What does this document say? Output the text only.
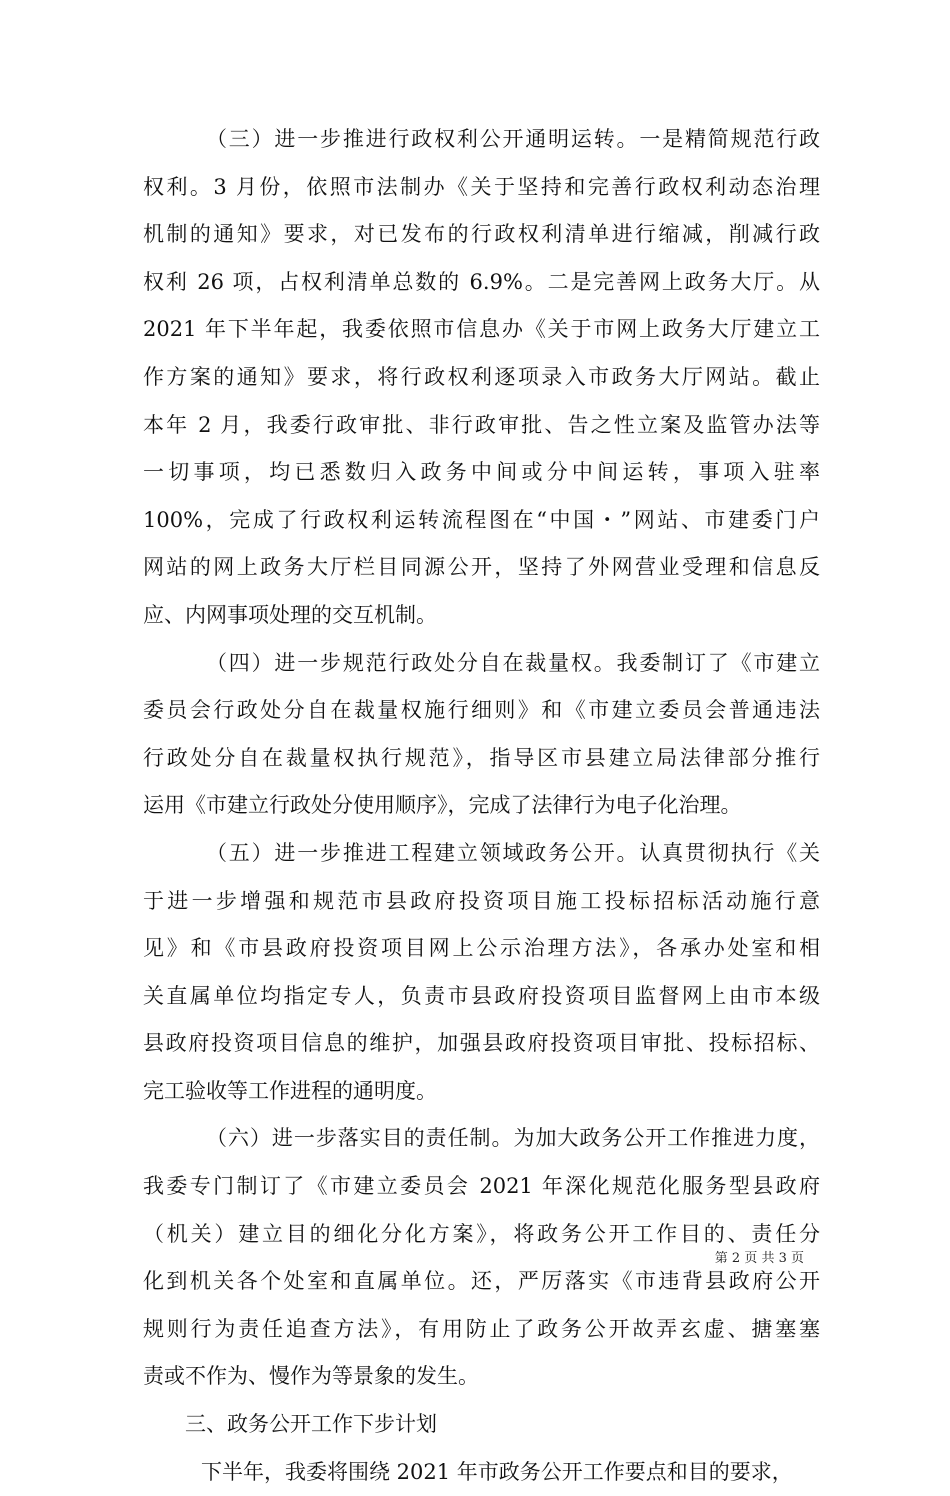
（三）进一步推进行政权利公开通明运转。一是精简规范行政
权利。3 月份，依照市法制办《关于坚持和完善行政权利动态治理
机制的通知》要求，对已发布的行政权利清单进行缩减，削减行政
权利 26 项，占权利清单总数的 6.9%。二是完善网上政务大厅。从
2021 年下半年起，我委依照市信息办《关于市网上政务大厅建立工
作方案的通知》要求，将行政权利逐项录入市政务大厅网站。截止
本年 2 月，我委行政审批、非行政审批、告之性立案及监管办法等
一切事项，均已悉数归入政务中间或分中间运转，事项入驻率
100%，完成了行政权利运转流程图在“中国・”网站、市建委门户
网站的网上政务大厅栏目同源公开，坚持了外网营业受理和信息反
应、内网事项处理的交互机制。
（四）进一步规范行政处分自在裁量权。我委制订了《市建立
委员会行政处分自在裁量权施行细则》和《市建立委员会普通违法
行政处分自在裁量权执行规范》，指导区市县建立局法律部分推行
运用《市建立行政处分使用顺序》，完成了法律行为电子化治理。
（五）进一步推进工程建立领域政务公开。认真贯彻执行《关
于进一步增强和规范市县政府投资项目施工投标招标活动施行意
见》和《市县政府投资项目网上公示治理方法》，各承办处室和相
关直属单位均指定专人，负责市县政府投资项目监督网上由市本级
县政府投资项目信息的维护，加强县政府投资项目审批、投标招标、
完工验收等工作进程的通明度。
（六）进一步落实目的责任制。为加大政务公开工作推进力度，
我委专门制订了《市建立委员会 2021 年深化规范化服务型县政府
（机关）建立目的细化分化方案》，将政务公开工作目的、责任分
化到机关各个处室和直属单位。还，严厉落实《市违背县政府公开
规则行为责任追查方法》，有用防止了政务公开故弄玄虚、搪塞塞
责或不作为、慢作为等景象的发生。
三、政务公开工作下步计划
下半年，我委将围绕 2021 年市政务公开工作要点和目的要求，
第 2 页 共 3 页
